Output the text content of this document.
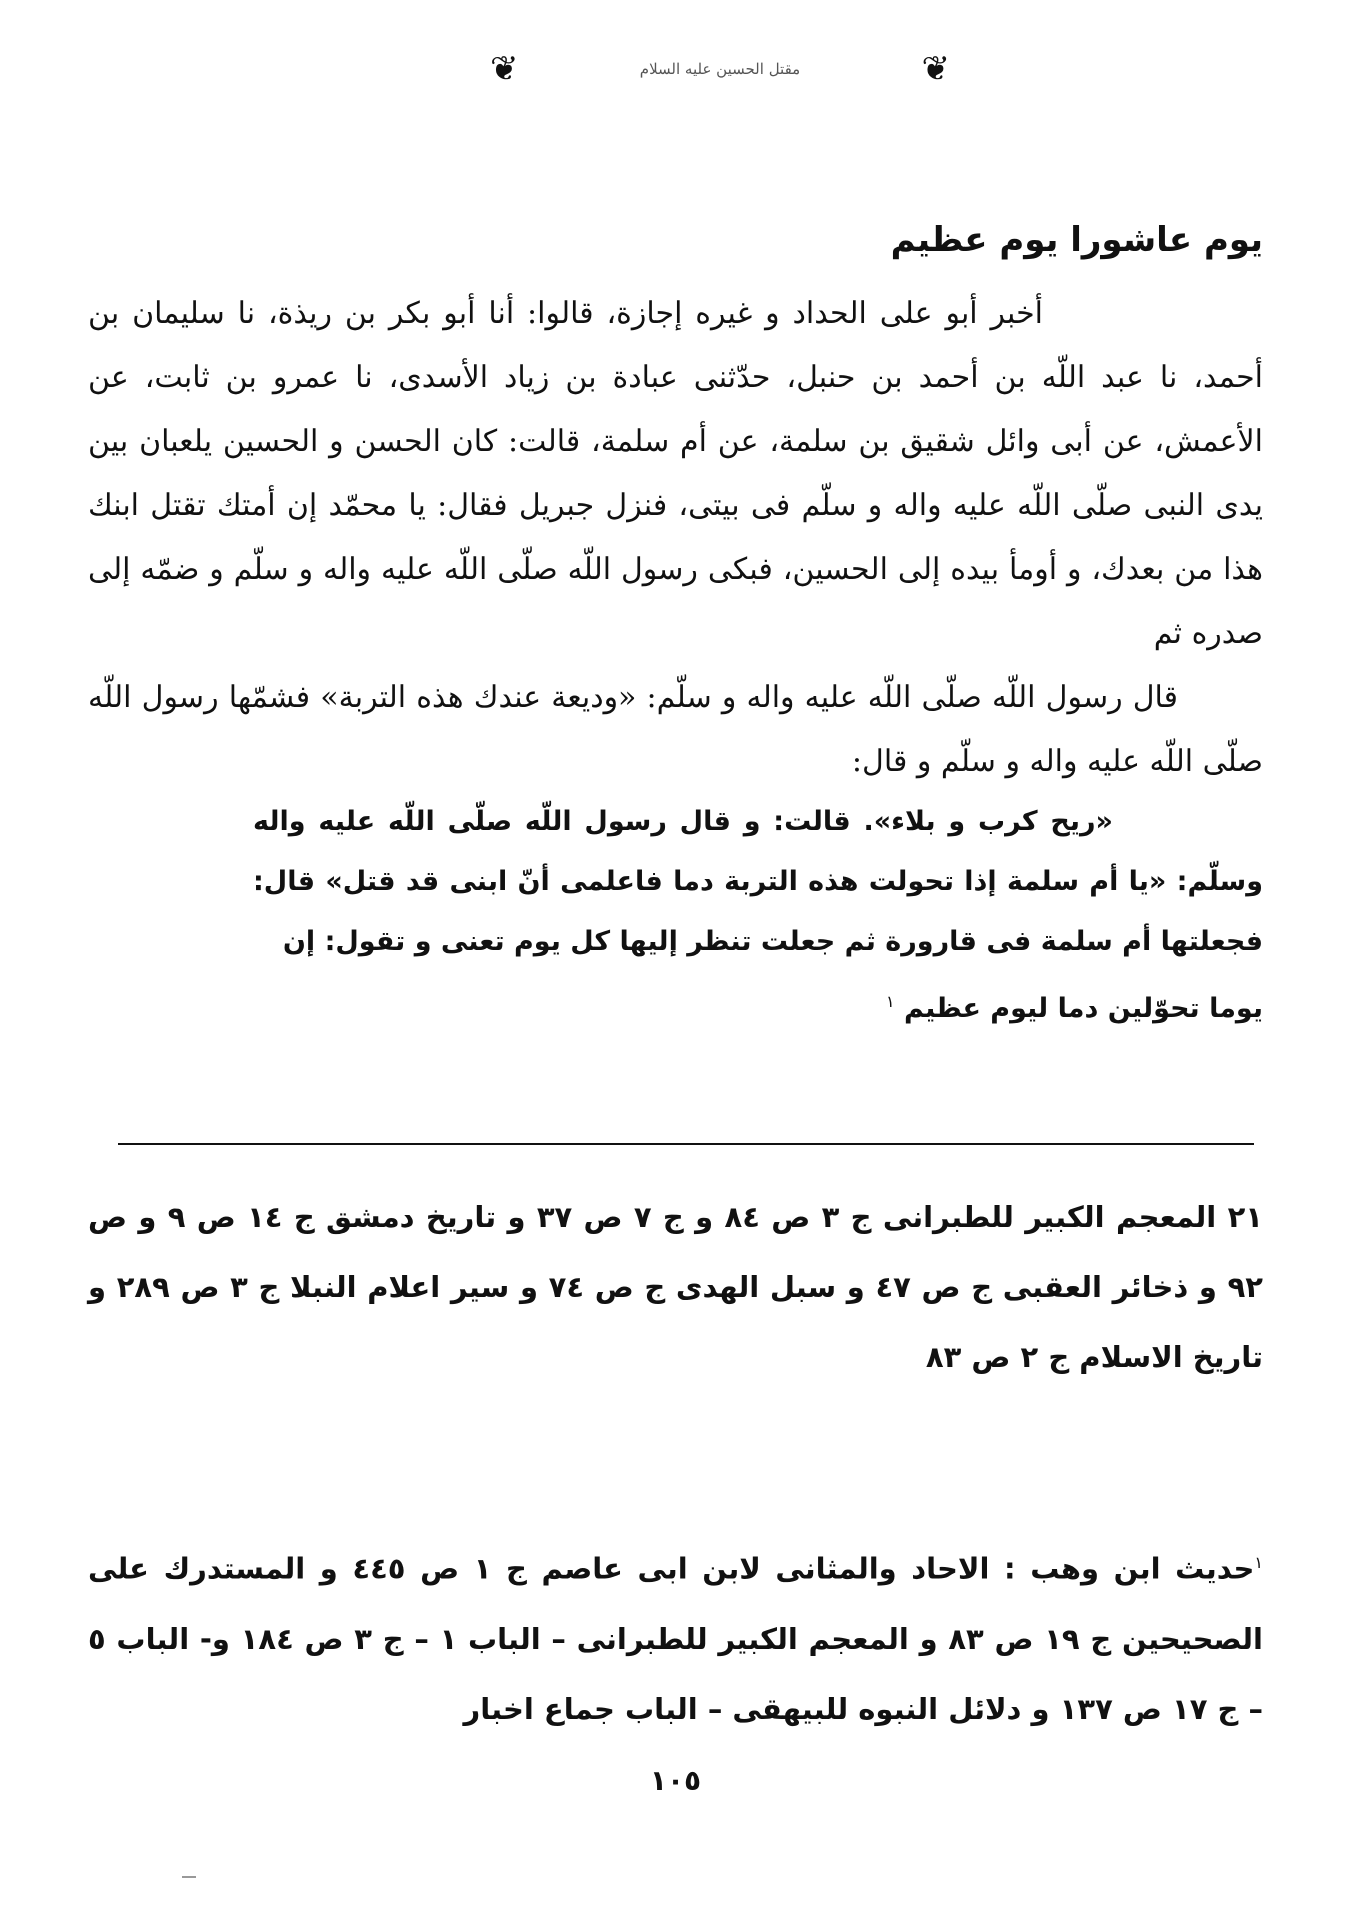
❦	مقتل الحسين عليه السلام	❦
يوم عاشورا يوم عظيم

أخبر أبو على الحداد و غيره إجازة، قالوا: أنا أبو بكر بن ريذة، نا سليمان بن أحمد، نا عبد اللّه بن أحمد بن حنبل، حدّثنى عبادة بن زياد الأسدى، نا عمرو بن ثابت، عن الأعمش، عن أبى وائل شقيق بن سلمة، عن أم سلمة، قالت: كان الحسن و الحسين يلعبان بين يدى النبى صلّى اللّه عليه واله و سلّم فى بيتى، فنزل جبريل فقال: يا محمّد إن أمتك تقتل ابنك هذا من بعدك، و أومأ بيده إلى الحسين، فبكى رسول اللّه صلّى اللّه عليه واله و سلّم و ضمّه إلى صدره ثم

قال رسول اللّه صلّى اللّه عليه واله و سلّم: «وديعة عندك هذه التربة» فشمّها رسول اللّه صلّى اللّه عليه واله و سلّم و قال:

«ريح كرب و بلاء». قالت: و قال رسول اللّه صلّى اللّه عليه واله وسلّم: «يا أم سلمة إذا تحولت هذه التربة دما فاعلمى أنّ ابنى قد قتل» قال: فجعلتها أم سلمة فى قارورة ثم جعلت تنظر إليها كل يوم تعنى و تقول: إن

يوما تحوّلين دما ليوم عظيم $^١$

٢١ المعجم الكبير للطبرانى ج ٣ ص ٨٤ و ج ٧ ص ٣٧ و تاريخ دمشق ج ١٤ ص ٩ و ص ٩٢ و ذخائر العقبى ج ص ٤٧ و سبل الهدى ج ص ٧٤ و سير اعلام النبلا ج ٣ ص ٢٨٩ و تاريخ الاسلام ج ٢ ص ٨٣

$^١$حديث ابن وهب : الاحاد والمثانى لابن ابى عاصم ج ١ ص ٤٤٥ و المستدرك على الصحيحين ج ١٩ ص ٨٣ و المعجم الكبير للطبرانى – الباب ١ – ج ٣ ص ١٨٤ و- الباب ٥ – ج ١٧ ص ١٣٧ و دلائل النبوه للبيهقى – الباب جماع اخبار

١٠٥
